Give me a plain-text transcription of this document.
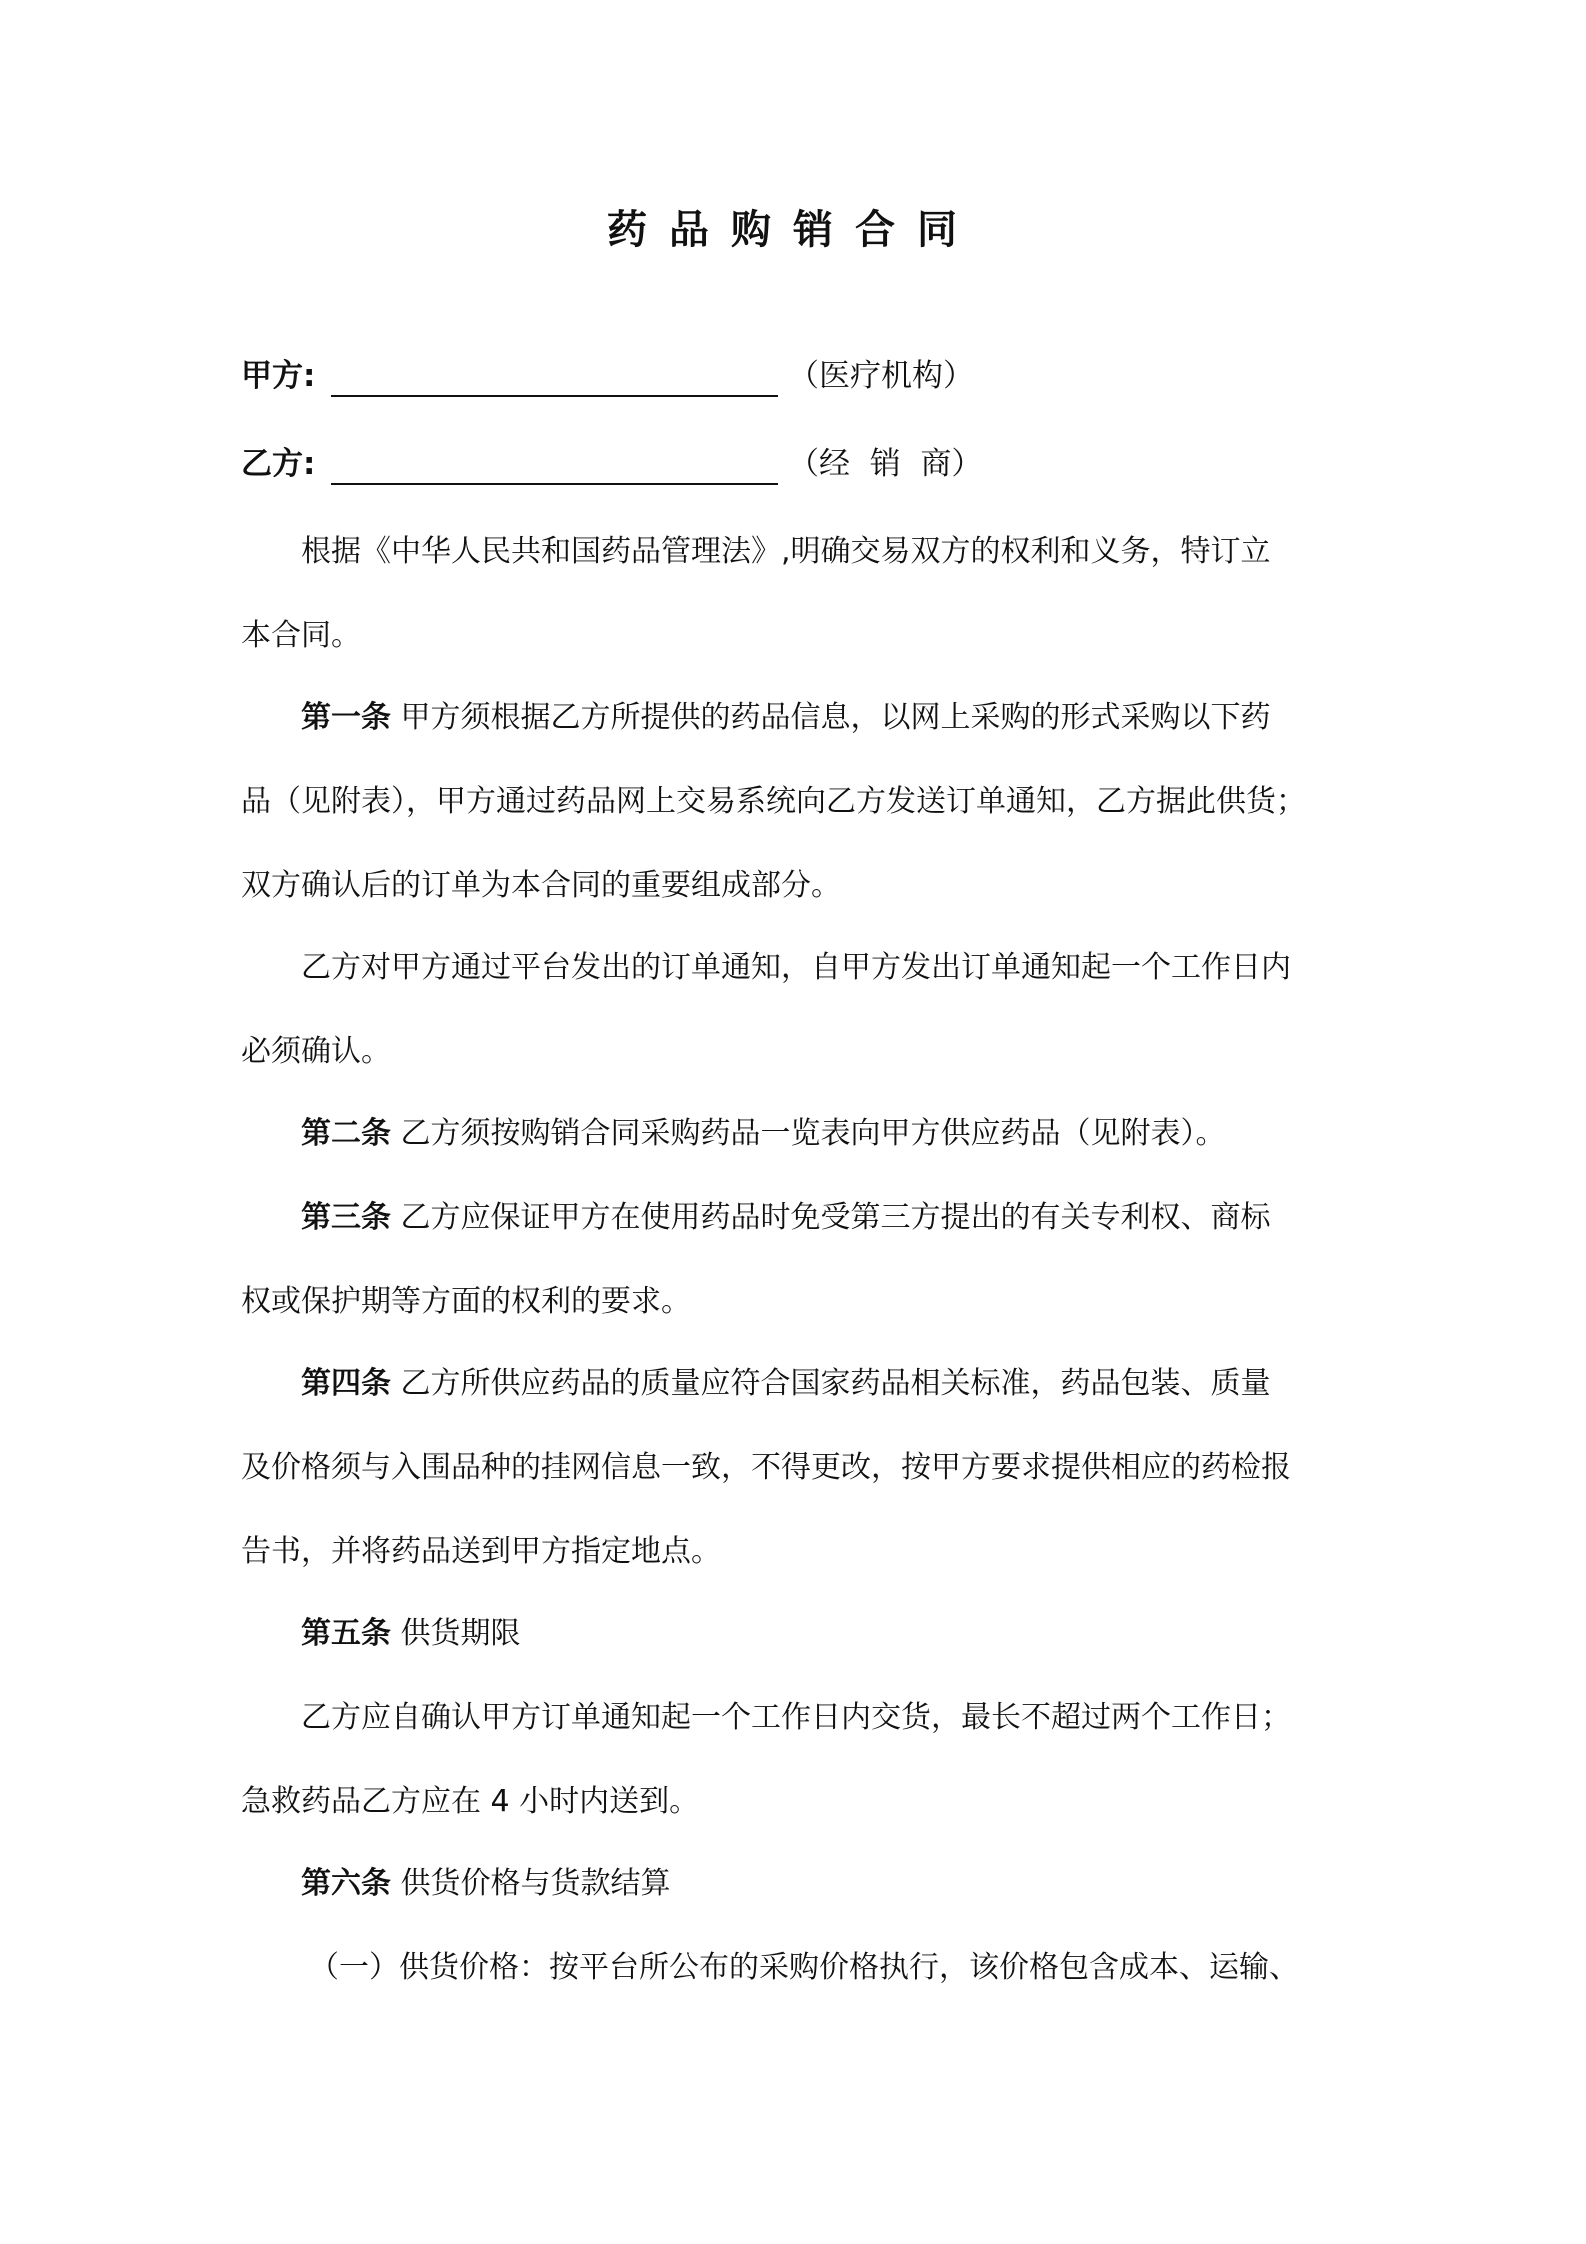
药品购销合同
甲方:	（医疗机构）
乙方:	（经  销  商）
根据《中华人民共和国药品管理法》,明确交易双方的权利和义务，特订立
本合同。
第一条 甲方须根据乙方所提供的药品信息，以网上采购的形式采购以下药
品（见附表），甲方通过药品网上交易系统向乙方发送订单通知，乙方据此供货；
双方确认后的订单为本合同的重要组成部分。
乙方对甲方通过平台发出的订单通知，自甲方发出订单通知起一个工作日内
必须确认。
第二条 乙方须按购销合同采购药品一览表向甲方供应药品（见附表）。
第三条 乙方应保证甲方在使用药品时免受第三方提出的有关专利权、商标
权或保护期等方面的权利的要求。
第四条 乙方所供应药品的质量应符合国家药品相关标准，药品包装、质量
及价格须与入围品种的挂网信息一致，不得更改，按甲方要求提供相应的药检报
告书，并将药品送到甲方指定地点。
第五条 供货期限
乙方应自确认甲方订单通知起一个工作日内交货，最长不超过两个工作日；
急救药品乙方应在 4 小时内送到。
第六条 供货价格与货款结算
（一）供货价格：按平台所公布的采购价格执行，该价格包含成本、运输、
